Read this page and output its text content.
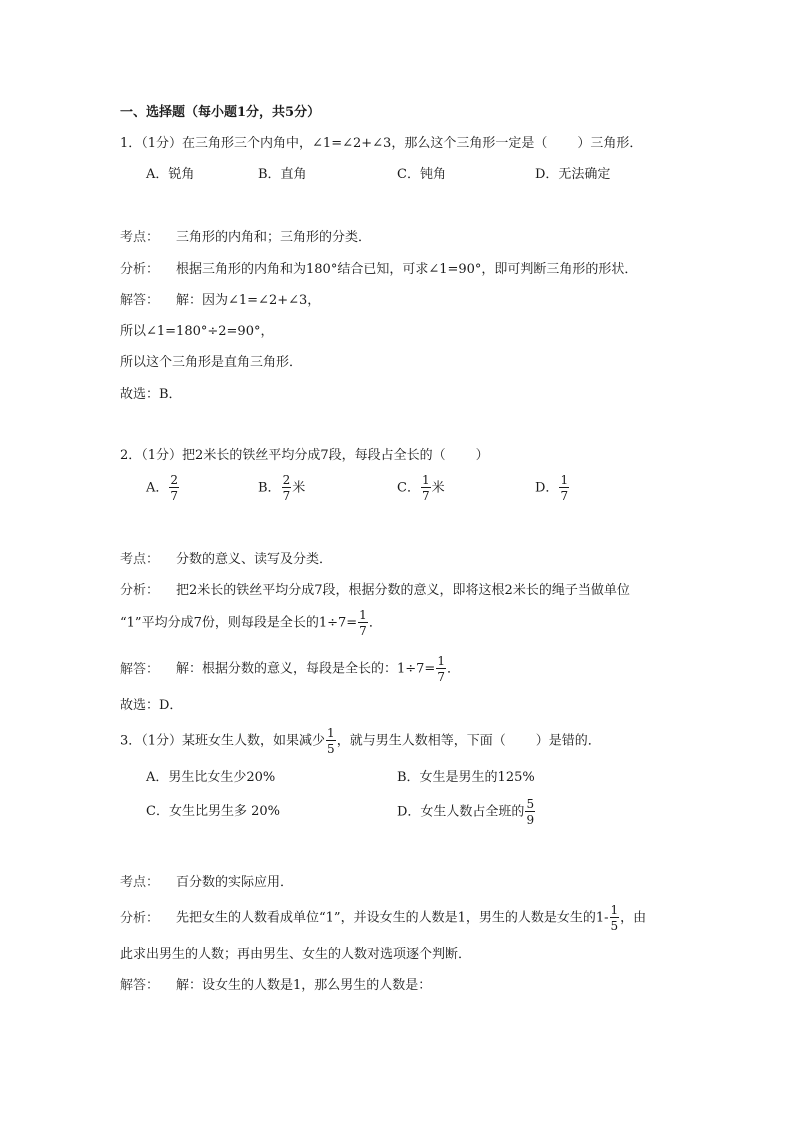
一、选择题（每小题1分，共5分）
1．（1分）在三角形三个内角中，∠1=∠2+∠3，那么这个三角形一定是（ ）三角形．
A．锐角	B．直角	C．钝角	D．无法确定
考点： 三角形的内角和；三角形的分类．
分析： 根据三角形的内角和为180°结合已知，可求∠1=90°，即可判断三角形的形状．
解答： 解：因为∠1=∠2+∠3，
所以∠1=180°÷2=90°，
所以这个三角形是直角三角形．
故选：B．
2．（1分）把2米长的铁丝平均分成7段，每段占全长的（ ）
A． $\frac{2}{7}$	B． $\frac{2}{7}$ 米	C． $\frac{1}{7}$ 米	D． $\frac{1}{7}$
考点： 分数的意义、读写及分类．
分析： 把2米长的铁丝平均分成7段，根据分数的意义，即将这根2米长的绳子当做单位
“1”平均分成7份，则每段是全长的$1\div 7= \frac{1}{7}$ ．
解答： 解：根据分数的意义，每段是全长的：$1\div 7= \frac{1}{7}$ ．
故选：D．
3．（1分）某班女生人数，如果减少 $\frac{1}{5}$ ，就与男生人数相等，下面（ ）是错的．
A．男生比女生少20%	B．女生是男生的125%
C．女生比男生多 20%	D．女生人数占全班的 $\frac{5}{9}$
考点： 百分数的实际应用．
分析： 先把女生的人数看成单位“1”，并设女生的人数是1，男生的人数是女生的$1- \frac{1}{5}$ ，由
此求出男生的人数；再由男生、女生的人数对选项逐个判断．
解答： 解：设女生的人数是1，那么男生的人数是：
